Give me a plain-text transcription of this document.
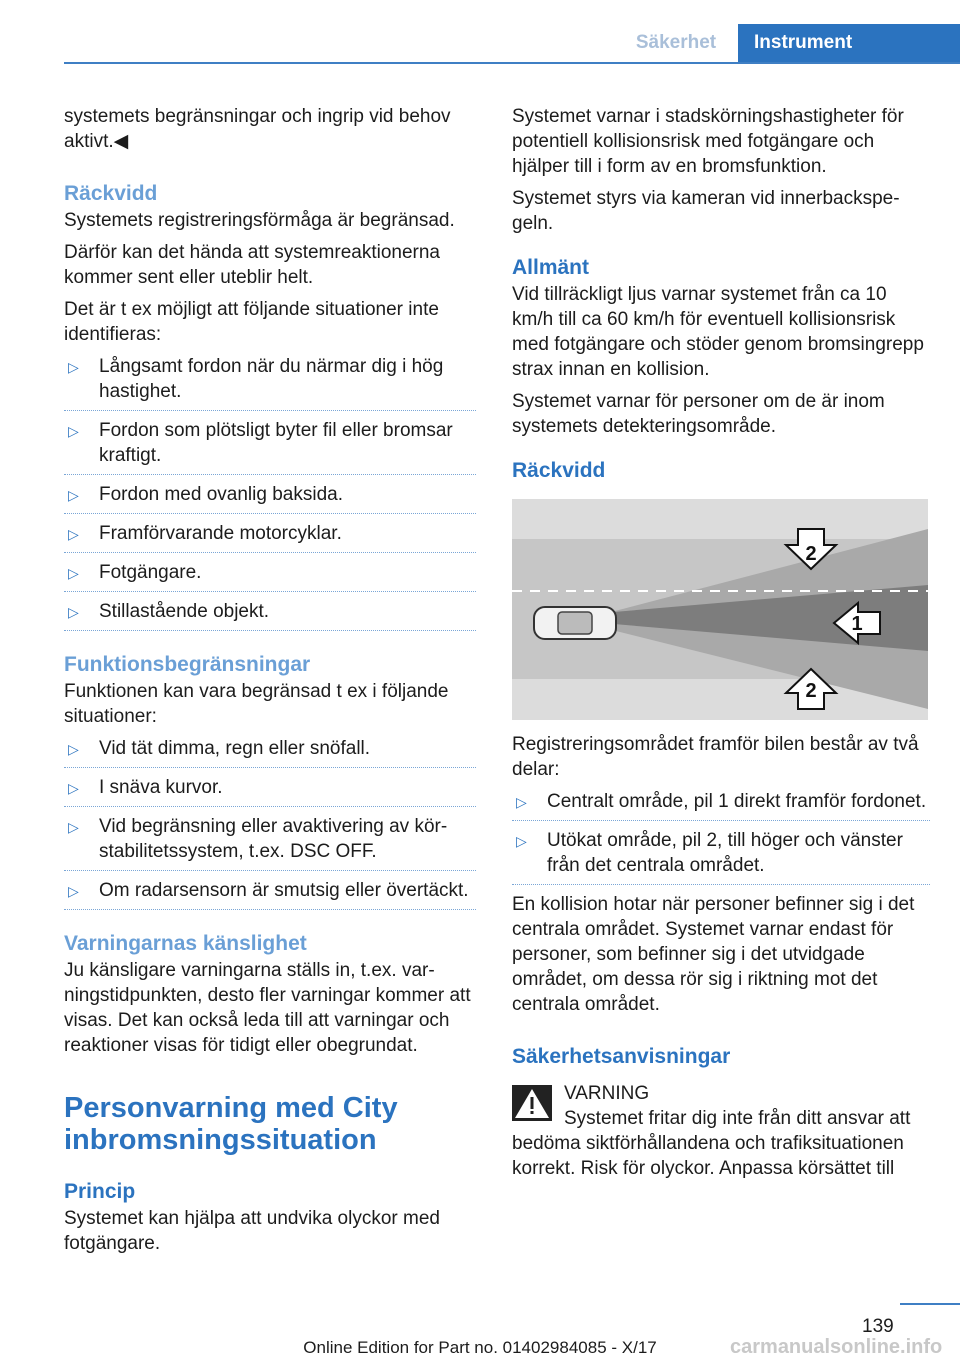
Säkerhet	Instrument

systemets begränsningar och ingrip vid behov aktivt.◀

Räckvidd

Systemets registreringsförmåga är begränsad.

Därför kan det hända att systemreaktionerna kommer sent eller uteblir helt.

Det är t ex möjligt att följande situationer inte identifieras:

▷ Långsamt fordon när du närmar dig i hög hastighet.
▷ Fordon som plötsligt byter fil eller bromsar kraftigt.
▷ Fordon med ovanlig baksida.
▷ Framförvarande motorcyklar.
▷ Fotgängare.
▷ Stillastående objekt.
Funktionsbegränsningar

Funktionen kan vara begränsad t ex i följande situationer:

▷ Vid tät dimma, regn eller snöfall.
▷ I snäva kurvor.
▷ Vid begränsning eller avaktivering av körstabilitetssystem, t.ex. DSC OFF.
▷ Om radarsensorn är smutsig eller övertäckt.
Varningarnas känslighet

Ju känsligare varningarna ställs in, t.ex. varningstidpunkten, desto fler varningar kommer att visas. Det kan också leda till att varningar och reaktioner visas för tidigt eller obegrundat.

Personvarning med City inbromsningssituation
Princip

Systemet kan hjälpa att undvika olyckor med fotgängare.

Systemet varnar i stadskörningshastigheter för potentiell kollisionsrisk med fotgängare och hjälper till i form av en bromsfunktion.

Systemet styrs via kameran vid innerbackspegeln.

Allmänt

Vid tillräckligt ljus varnar systemet från ca 10 km/h till ca 60 km/h för eventuell kollisionsrisk med fotgängare och stöder genom bromsingrepp strax innan en kollision.

Systemet varnar för personer om de är inom systemets detekteringsområde.

Räckvidd
1
2
2

Registreringsområdet framför bilen består av två delar:

▷ Centralt område, pil 1 direkt framför fordonet.
▷ Utökat område, pil 2, till höger och vänster från det centrala området.

En kollision hotar när personer befinner sig i det centrala området. Systemet varnar endast för personer, som befinner sig i det utvidgade området, om dessa rör sig i riktning mot det centrala området.

Säkerhetsanvisningar
VARNING

Systemet fritar dig inte från ditt ansvar att bedöma siktförhållandena och trafiksituationen korrekt. Risk för olyckor. Anpassa körsättet till

139
Online Edition for Part no. 01402984085 - X/17	carmanualsonline.info
